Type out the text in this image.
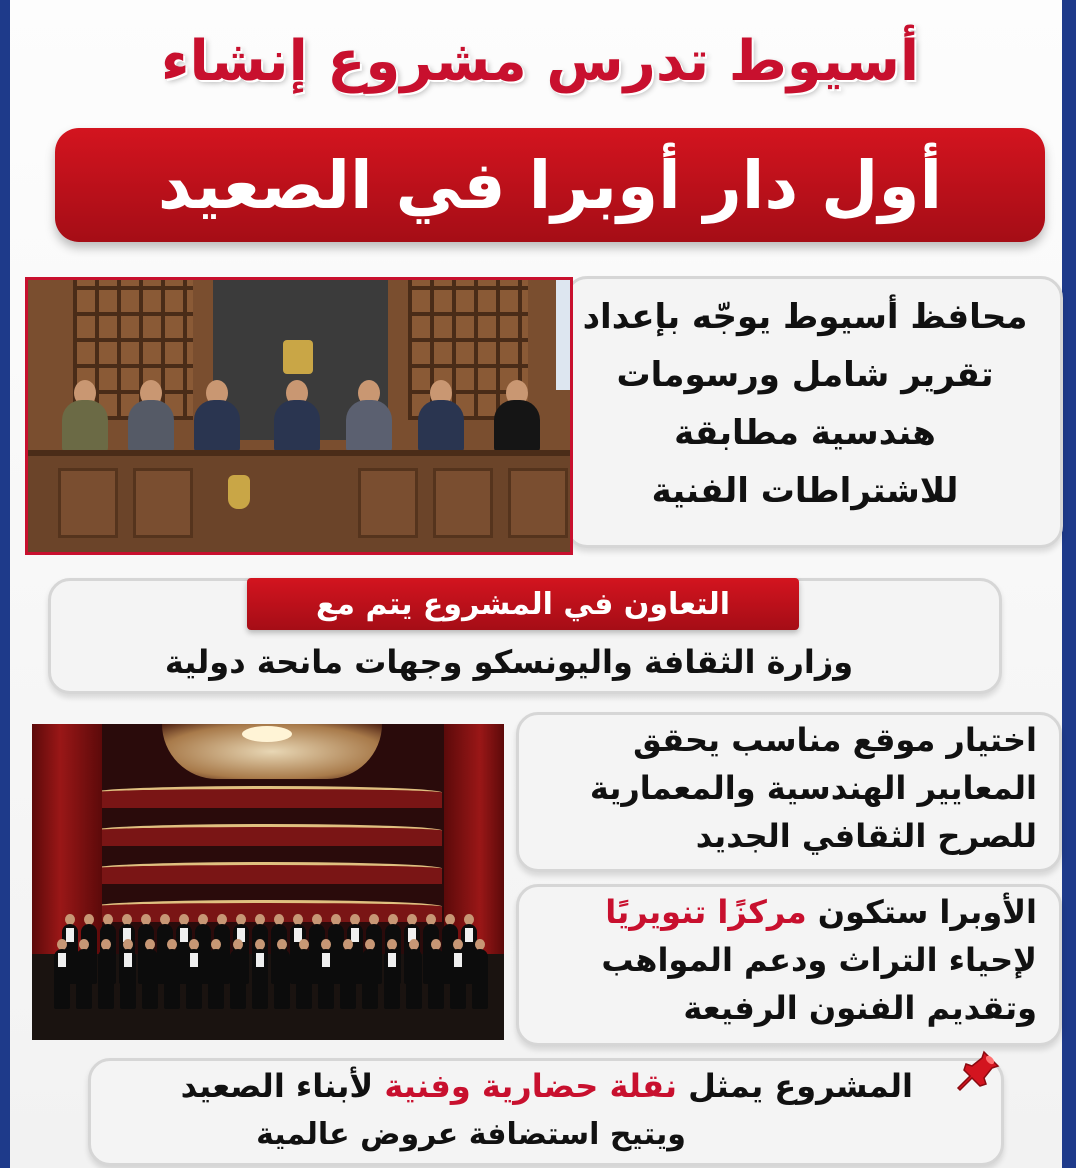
أسيوط تدرس مشروع إنشاء
أول دار أوبرا في الصعيد
محافظ أسيوط يوجّه بإعداد
تقرير شامل ورسومات
هندسية مطابقة
للاشتراطات الفنية
التعاون في المشروع يتم مع
وزارة الثقافة واليونسكو وجهات مانحة دولية
اختيار موقع مناسب يحقق
المعايير الهندسية والمعمارية
للصرح الثقافي الجديد
الأوبرا ستكون مركزًا تنويريًا
لإحياء التراث ودعم المواهب
وتقديم الفنون الرفيعة
المشروع يمثل نقلة حضارية وفنية لأبناء الصعيد
ويتيح استضافة عروض عالمية
